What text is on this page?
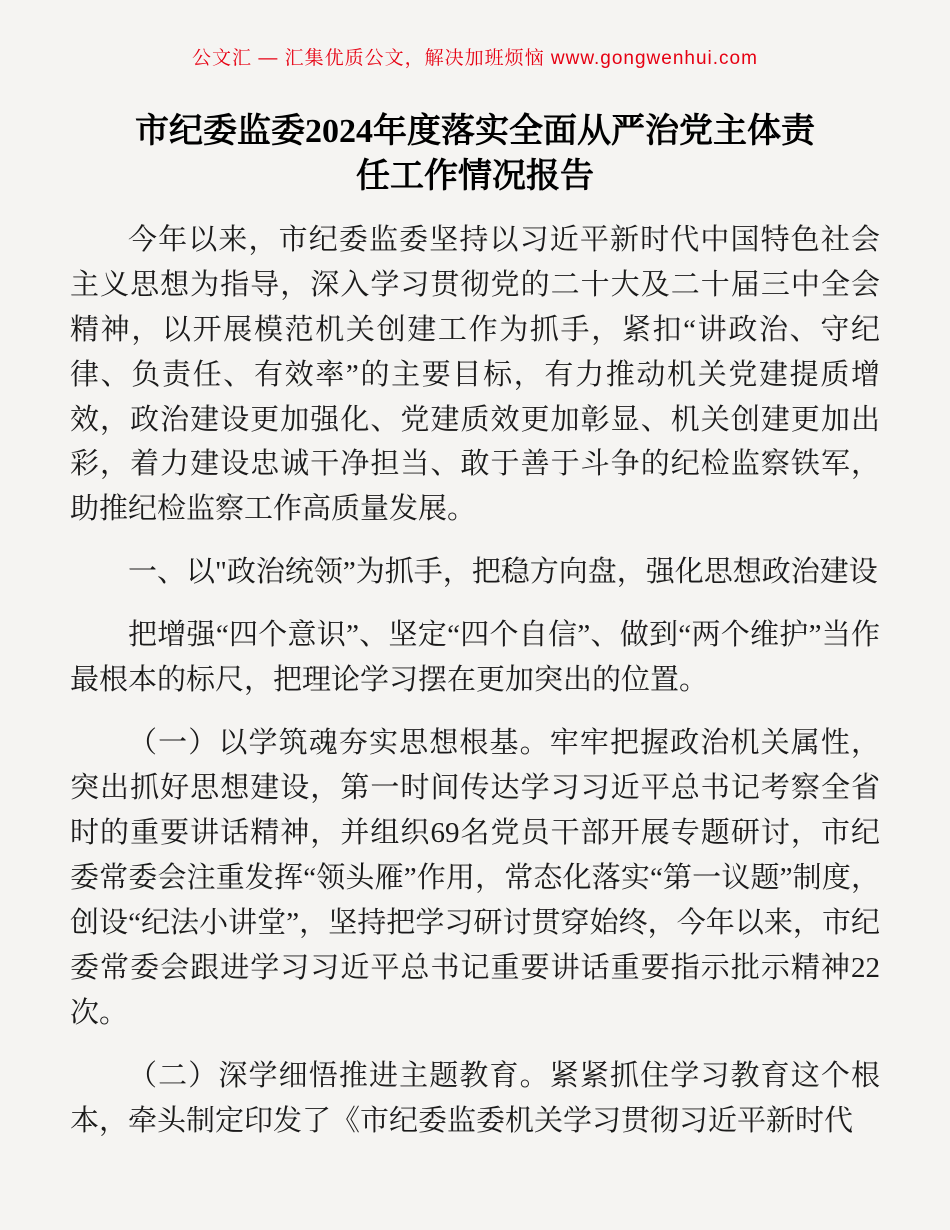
公文汇 — 汇集优质公文，解决加班烦恼 www.gongwenhui.com
市纪委监委2024年度落实全面从严治党主体责任工作情况报告

今年以来，市纪委监委坚持以习近平新时代中国特色社会主义思想为指导，深入学习贯彻党的二十大及二十届三中全会精神，以开展模范机关创建工作为抓手，紧扣“讲政治、守纪律、负责任、有效率”的主要目标，有力推动机关党建提质增效，政治建设更加强化、党建质效更加彰显、机关创建更加出彩，着力建设忠诚干净担当、敢于善于斗争的纪检监察铁军，助推纪检监察工作高质量发展。

一、以"政治统领”为抓手，把稳方向盘，强化思想政治建设

把增强“四个意识”、坚定“四个自信”、做到“两个维护”当作最根本的标尺，把理论学习摆在更加突出的位置。

（一）以学筑魂夯实思想根基。牢牢把握政治机关属性，突出抓好思想建设，第一时间传达学习习近平总书记考察全省时的重要讲话精神，并组织69名党员干部开展专题研讨，市纪委常委会注重发挥“领头雁”作用，常态化落实“第一议题”制度，创设“纪法小讲堂”，坚持把学习研讨贯穿始终，今年以来，市纪委常委会跟进学习习近平总书记重要讲话重要指示批示精神22次。

（二）深学细悟推进主题教育。紧紧抓住学习教育这个根本，牵头制定印发了《市纪委监委机关学习贯彻习近平新时代
